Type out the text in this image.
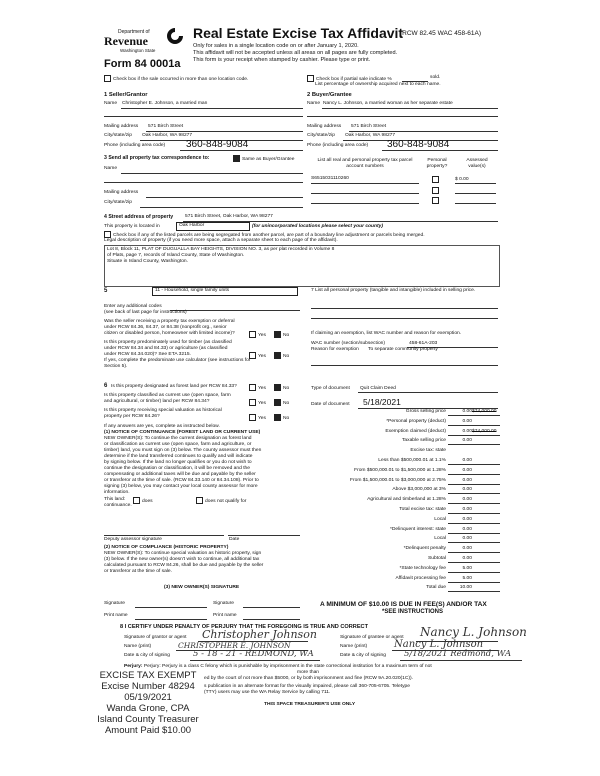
Department of
Revenue
Washington State
Form 84 0001a
Real Estate Excise Tax Affidavit
(RCW 82.45 WAC 458-61A)
Only for sales in a single location code on or after January 1, 2020.
This affidavit will not be accepted unless all areas on all pages are fully completed.
This form is your receipt when stamped by cashier. Please type or print.
Check box if the sale occurred in more than one location code.	Check box if partial sale indicate %	sold.
List percentage of ownership acquired next to each name.
1 Seller/Grantor
Name Christopher E. Johnson, a married man
Mailing address 571 Birch Street
City/state/zip Oak Harbor, WA 98277
Phone (including area code) 360-848-9084
2 Buyer/Grantee
Name Nancy L. Johnson, a married woman as her separate estate
Mailing address 571 Birch Street
City/state/zip Oak Harbor, WA 98277
Phone (including area code) 360-848-9084
3 Send all property tax correspondence to:	Same as Buyer/Grantee
Name
Mailing address
City/state/zip
List all real and personal property tax parcel account numbers
Personal property?
Assessed value(s)
S6515031110260	$ 0.00
4 Street address of property 571 Birch Street, Oak Harbor, WA 98277
This property is located in	Oak Harbor	(for unincorporated locations please select your county)
Check box if any of the listed parcels are being segregated from another parcel, are part of a boundary line adjustment or parcels being merged.
Legal description of property (if you need more space, attach a separate sheet to each page of the affidavit).
Lot 8, Block 11, PLAT OF DUGUALLA BAY HEIGHTS, DIVISION NO. 3, as per plat recorded in Volume 8
of Plats, page 7, records of Island County, State of Washington.
Situate in Island County, Washington.
5	11 - Household, single family units
Enter any additional codes
(see back of last page for instructions)
Was the seller receiving a property tax exemption or deferral
under RCW 84.36, 84.37, or 84.38 (nonprofit org., senior
citizen or disabled person, homeowner with limited income)?	Yes	No
Is this property predominately used for timber (as classified
under RCW 84.34 and 84.33) or agriculture (as classified
under RCW 84.34.020)? See ETA 3215.	Yes	No
If yes, complete the predominate use calculator (see instructions for
Section 5).
6 Is this property designated as forest land per RCW 84.33?	Yes	No
Is this property classified as current use (open space, farm
and agricultural, or timber) land per RCW 84.34?	Yes	No
Is this property receiving special valuation as historical
property per RCW 84.26?	Yes	No
If any answers are yes, complete as instructed below.
(1) NOTICE OF CONTINUANCE (FOREST LAND OR CURRENT USE)
NEW OWNER(S): To continue the current designation as forest land
or classification as current use (open space, farm and agriculture, or
timber) land, you must sign on (3) below. The county assessor must then
determine if the land transferred continues to qualify and will indicate
by signing below. If the land no longer qualifies or you do not wish to
continue the designation or classification, it will be removed and the
compensating or additional taxes will be due and payable by the seller
or transferor at the time of sale. (RCW 84.33.140 or 84.34.108). Prior to
signing (3) below, you may contact your local county assessor for more
information.
This land:	does	does not qualify for
continuance.
Deputy assessor signature	Date
(2) NOTICE OF COMPLIANCE (HISTORIC PROPERTY)
NEW OWNER(S): To continue special valuation as historic property, sign
(3) below. If the new owner(s) doesn't wish to continue, all additional tax
calculated pursuant to RCW 84.26, shall be due and payable by the seller
or transferor at the time of sale.
(3) NEW OWNER(S) SIGNATURE
Signature	Signature
Print name	Print name
7 List all personal property (tangible and intangible) included in selling price.
If claiming an exemption, list WAC number and reason for exemption.
WAC number (section/subsection)	458-61A-203
Reason for exemption To separate community property
Type of document Quit Claim Deed
Date of document 5/18/2021
Gross selling price	0.00 $74,000.00
*Personal property (deduct)	0.00
Exemption claimed (deduct)	0.00 $74,000.00
Taxable selling price	0.00
Excise tax: state
Less than $500,000.01 at 1.1%	0.00
From $500,000.01 to $1,500,000 at 1.28%	0.00
From $1,500,000.01 to $3,000,000 at 2.75%	0.00
Above $3,000,000 at 3%	0.00
Agricultural and timberland at 1.28%	0.00
Total excise tax: state	0.00
Local	0.00
*Delinquent interest: state	0.00
Local	0.00
*Delinquent penalty	0.00
Subtotal	0.00
*State technology fee	5.00
Affidavit processing fee	5.00
Total due	10.00
A MINIMUM OF $10.00 IS DUE IN FEE(S) AND/OR TAX
*SEE INSTRUCTIONS
8 I CERTIFY UNDER PENALTY OF PERJURY THAT THE FOREGOING IS TRUE AND CORRECT
Signature of grantor or agent Christopher Johnson
Name (print)	CHRISTOPHER E. JOHNSON
Date & city of signing	5 - 18 - 21 - REDMOND, WA
Signature of grantee or agent Nancy L. Johnson
Name (print)	Nancy L. Johnson
Date & city of signing 5/18/2021 Redmond, WA
Perjury: Perjury: Perjury is a class C felony which is punishable by imprisonment in the state correctional institution for a maximum term of not
more than
ed by the court of not more than $5000, or by both imprisonment and fine (RCW 9A.20.020(1C)).
s publication in an alternate format for the visually impaired, please call 360-705-6705. Teletype
(TTY) users may use the WA Relay Service by calling 711.
THIS SPACE TREASURER'S USE ONLY
EXCISE TAX EXEMPT
Excise Number 48294
05/19/2021
Wanda Grone, CPA
Island County Treasurer
Amount Paid $10.00
